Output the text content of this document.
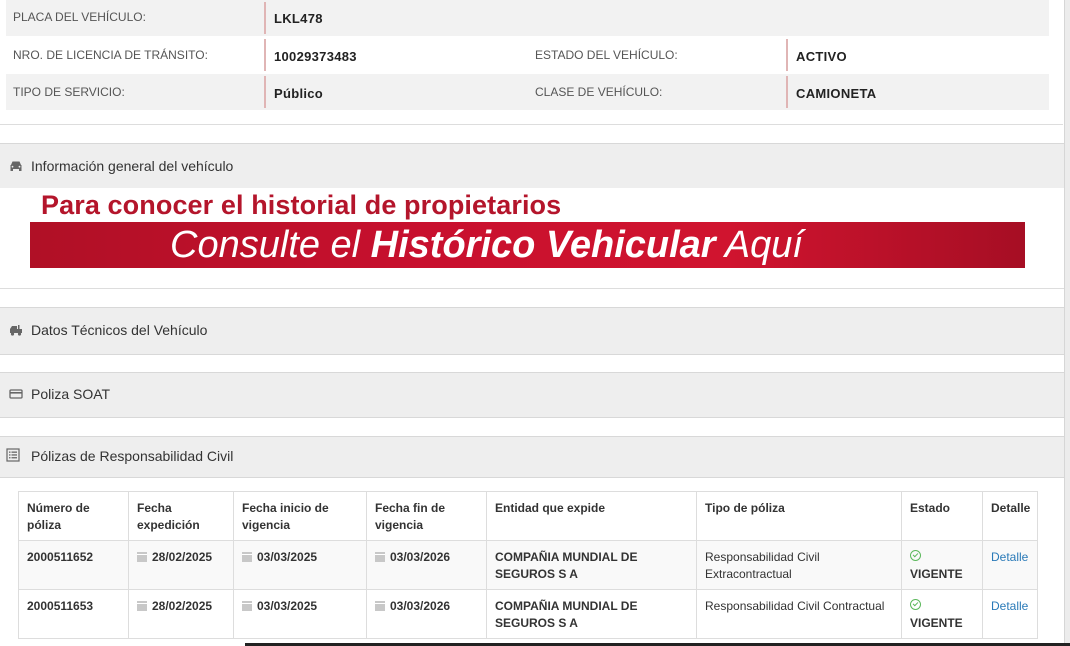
PLACA DEL VEHÍCULO:	LKL478
NRO. DE LICENCIA DE TRÁNSITO:	10029373483	ESTADO DEL VEHÍCULO:	ACTIVO
TIPO DE SERVICIO:	Público	CLASE DE VEHÍCULO:	CAMIONETA
Información general del vehículo
Para conocer el historial de propietarios
Consulte el Histórico Vehicular Aquí
Datos Técnicos del Vehículo
Poliza SOAT
Pólizas de Responsabilidad Civil
Número de póliza	Fecha expedición	Fecha inicio de vigencia	Fecha fin de vigencia	Entidad que expide	Tipo de póliza	Estado	Detalle
2000511652	28/02/2025	03/03/2025	03/03/2026	COMPAÑIA MUNDIAL DE SEGUROS S A	Responsabilidad Civil Extracontractual	VIGENTE	Detalle
2000511653	28/02/2025	03/03/2025	03/03/2026	COMPAÑIA MUNDIAL DE SEGUROS S A	Responsabilidad Civil Contractual	VIGENTE	Detalle
